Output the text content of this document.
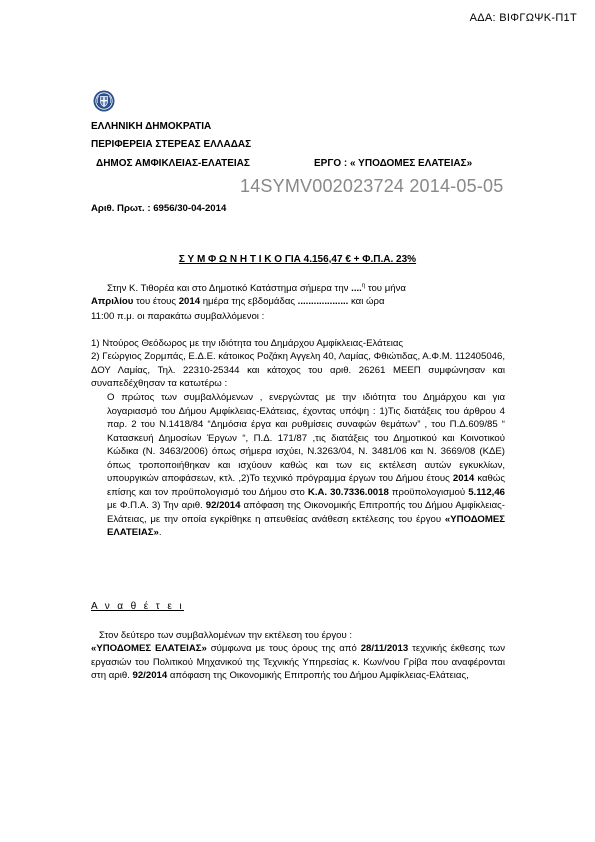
ΑΔΑ: ΒΙΦΓΩΨΚ-Π1Τ
ΕΛΛΗΝΙΚΗ ΔΗΜΟΚΡΑΤΙΑ
ΠΕΡΙΦΕΡΕΙΑ ΣΤΕΡΕΑΣ ΕΛΛΑΔΑΣ
ΔΗΜΟΣ ΑΜΦΙΚΛΕΙΑΣ-ΕΛΑΤΕΙΑΣ	ΕΡΓΟ : « ΥΠΟΔΟΜΕΣ ΕΛΑΤΕΙΑΣ»
14SYMV002023724 2014-05-05
Αριθ. Πρωτ. : 6956/30-04-2014
Σ Υ Μ Φ Ω Ν Η Τ Ι Κ Ο ΓΙΑ 4.156,47 € + Φ.Π.Α. 23%
Στην Κ. Τιθορέα και στο Δημοτικό Κατάστημα σήμερα την ....$^\eta$ του μήνα
Απριλίου του έτους 2014 ημέρα της εβδομάδας ................... και ώρα
11:00 π.μ. οι παρακάτω συμβαλλόμενοι :
1) Ντούρος Θεόδωρος με την ιδιότητα του Δημάρχου Αμφίκλειας-Ελάτειας
2) Γεώργιος Ζορμπάς, Ε.Δ.Ε. κάτοικος Ροζάκη Αγγελη 40, Λαμίας, Φθιώτιδας, Α.Φ.Μ. 112405046, ΔΟΥ Λαμίας, Τηλ. 22310-25344 και κάτοχος του αριθ. 26261 ΜΕΕΠ συμφώνησαν και συναπεδέχθησαν τα κατωτέρω :
Ο πρώτος των συμβαλλόμενων , ενεργώντας με την ιδιότητα του Δημάρχου και για λογαριασμό του Δήμου Αμφίκλειας-Ελάτειας, έχοντας υπόψη : 1)Τις διατάξεις του άρθρου 4 παρ. 2 του Ν.1418/84 “Δημόσια έργα και ρυθμίσεις συναφών θεμάτων” , του Π.Δ.609/85 “ Κατασκευή Δημοσίων Έργων “, Π.Δ. 171/87 ,τις διατάξεις του Δημοτικού και Κοινοτικού Κώδικα (Ν. 3463/2006) όπως σήμερα ισχύει, Ν.3263/04, Ν. 3481/06 και Ν. 3669/08 (ΚΔΕ) όπως τροποποιήθηκαν και ισχύουν καθώς και των εις εκτέλεση αυτών εγκυκλίων, υπουργικών αποφάσεων, κτλ. ,2)Το τεχνικό πρόγραμμα έργων του Δήμου έτους 2014 καθώς επίσης και τον προϋπολογισμό του Δήμου στο Κ.Α. 30.7336.0018 προϋπολογισμού 5.112,46 με Φ.Π.Α. 3) Την αριθ. 92/2014 απόφαση της Οικονομικής Επιτροπής του Δήμου Αμφίκλειας-Ελάτειας, με την οποία εγκρίθηκε η απευθείας ανάθεση εκτέλεσης του έργου «ΥΠΟΔΟΜΕΣ ΕΛΑΤΕΙΑΣ».
Α ν α θ έ τ ε ι
Στον δεύτερο των συμβαλλομένων την εκτέλεση του έργου :
«ΥΠΟΔΟΜΕΣ ΕΛΑΤΕΙΑΣ» σύμφωνα με τους όρους της από 28/11/2013 τεχνικής έκθεσης των εργασιών του Πολιτικού Μηχανικού της Τεχνικής Υπηρεσίας κ. Κων/νου Γρίβα που αναφέρονται στη αριθ. 92/2014 απόφαση της Οικονομικής Επιτροπής του Δήμου Αμφίκλειας-Ελάτειας,
